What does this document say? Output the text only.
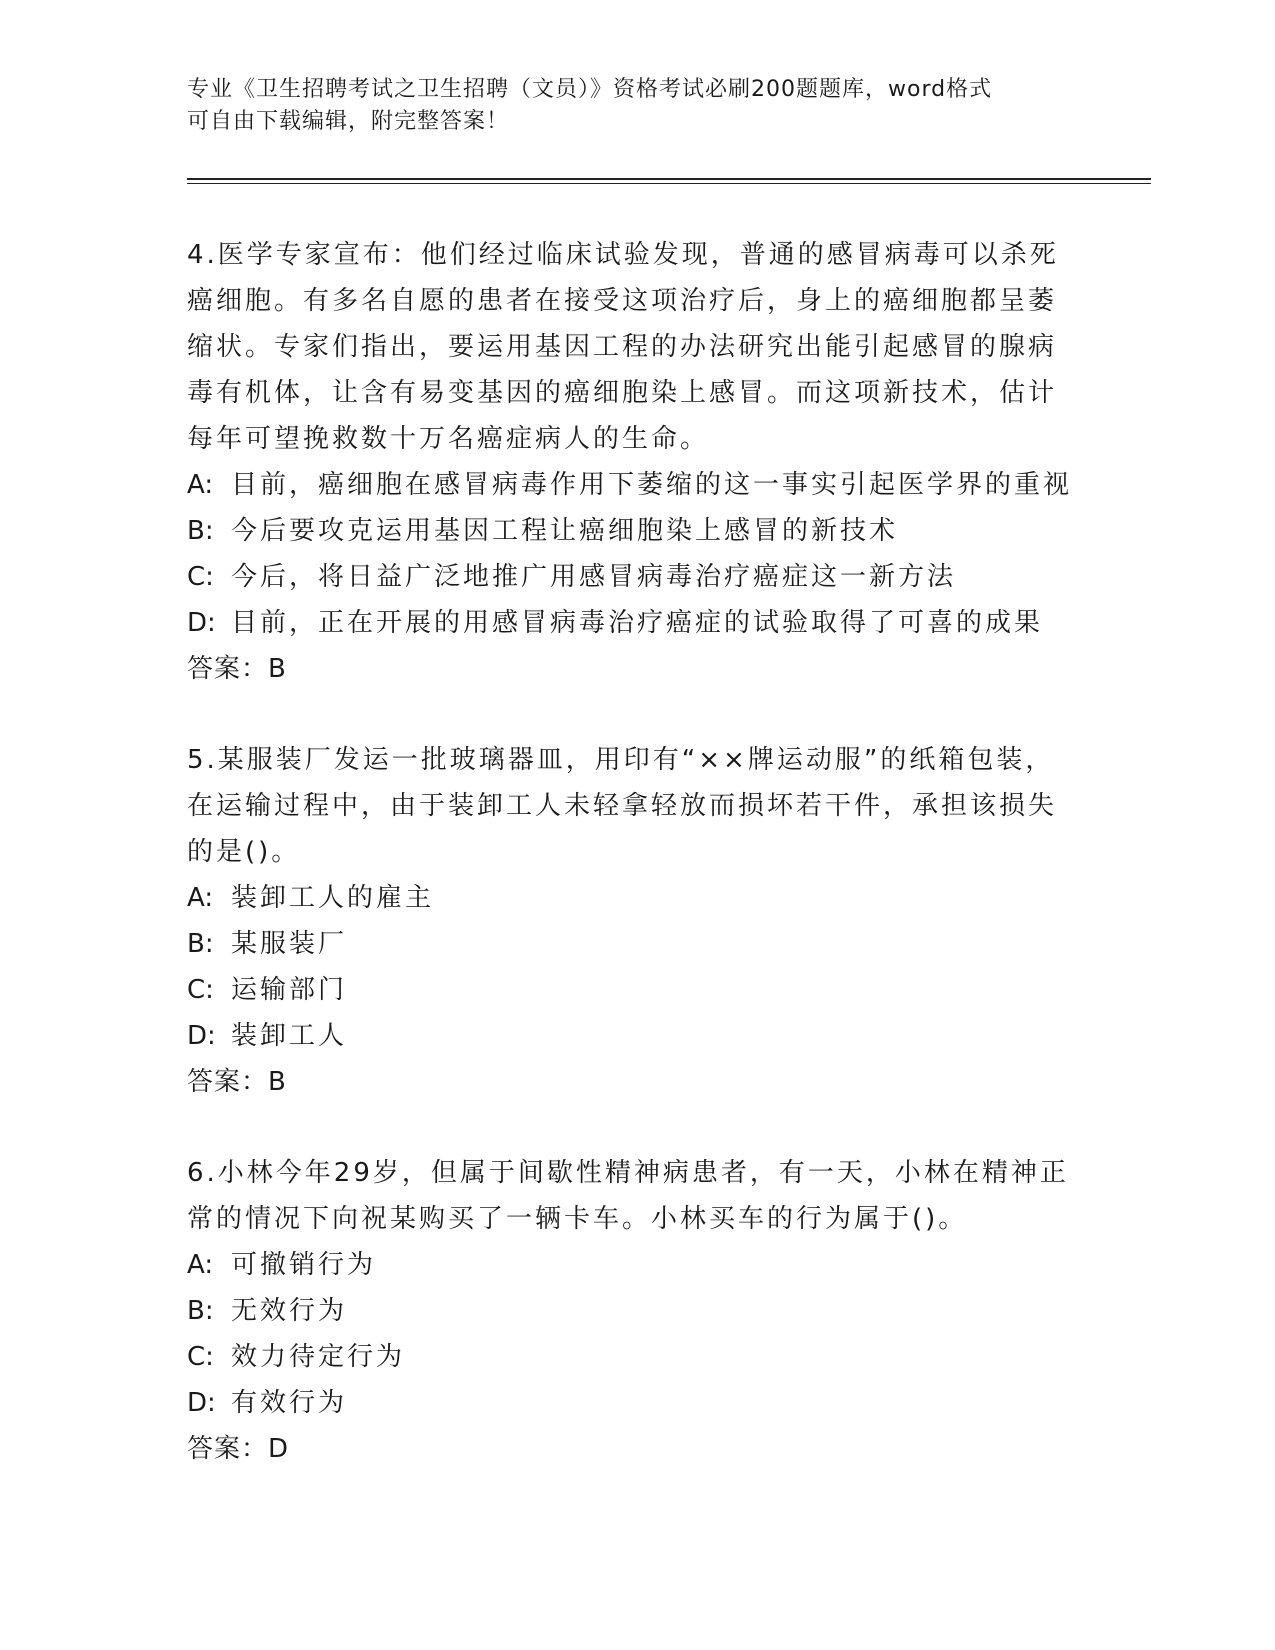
专业《卫生招聘考试之卫生招聘（文员）》资格考试必刷200题题库，word格式
可自由下载编辑，附完整答案！

4.医学专家宣布：他们经过临床试验发现，普通的感冒病毒可以杀死癌细胞。有多名自愿的患者在接受这项治疗后，身上的癌细胞都呈萎缩状。专家们指出，要运用基因工程的办法研究出能引起感冒的腺病毒有机体，让含有易变基因的癌细胞染上感冒。而这项新技术，估计每年可望挽救数十万名癌症病人的生命。

A: 目前，癌细胞在感冒病毒作用下萎缩的这一事实引起医学界的重视

B: 今后要攻克运用基因工程让癌细胞染上感冒的新技术

C: 今后，将日益广泛地推广用感冒病毒治疗癌症这一新方法

D: 目前，正在开展的用感冒病毒治疗癌症的试验取得了可喜的成果

答案：B

5.某服装厂发运一批玻璃器皿，用印有“××牌运动服”的纸箱包装，在运输过程中，由于装卸工人未轻拿轻放而损坏若干件，承担该损失的是()。

A: 装卸工人的雇主

B: 某服装厂

C: 运输部门

D: 装卸工人

答案：B

6.小林今年29岁，但属于间歇性精神病患者，有一天，小林在精神正常的情况下向祝某购买了一辆卡车。小林买车的行为属于()。

A: 可撤销行为

B: 无效行为

C: 效力待定行为

D: 有效行为

答案：D
